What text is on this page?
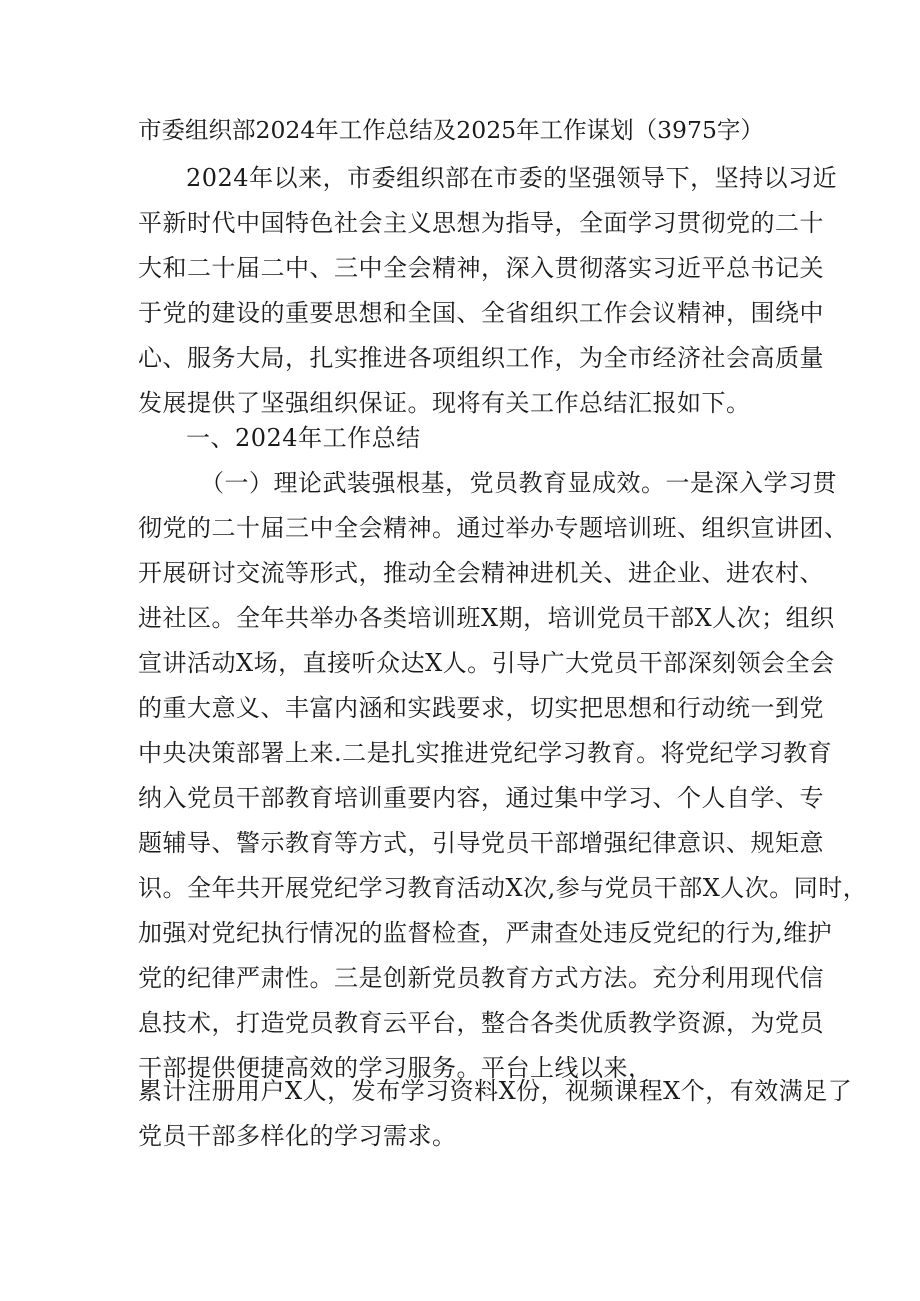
市委组织部2024年工作总结及2025年工作谋划（3975字）
2024年以来，市委组织部在市委的坚强领导下，坚持以习近
平新时代中国特色社会主义思想为指导，全面学习贯彻党的二十
大和二十届二中、三中全会精神，深入贯彻落实习近平总书记关
于党的建设的重要思想和全国、全省组织工作会议精神，围绕中
心、服务大局，扎实推进各项组织工作，为全市经济社会高质量
发展提供了坚强组织保证。现将有关工作总结汇报如下。
一、2024年工作总结
（一）理论武装强根基，党员教育显成效。一是深入学习贯
彻党的二十届三中全会精神。通过举办专题培训班、组织宣讲团、
开展研讨交流等形式，推动全会精神进机关、进企业、进农村、
进社区。全年共举办各类培训班X期，培训党员干部X人次；组织
宣讲活动X场，直接听众达X人。引导广大党员干部深刻领会全会
的重大意义、丰富内涵和实践要求，切实把思想和行动统一到党
中央决策部署上来.二是扎实推进党纪学习教育。将党纪学习教育
纳入党员干部教育培训重要内容，通过集中学习、个人自学、专
题辅导、警示教育等方式，引导党员干部增强纪律意识、规矩意
识。全年共开展党纪学习教育活动X次,参与党员干部X人次。同时，
加强对党纪执行情况的监督检查，严肃查处违反党纪的行为,维护
党的纪律严肃性。三是创新党员教育方式方法。充分利用现代信
息技术，打造党员教育云平台，整合各类优质教学资源，为党员
干部提供便捷高效的学习服务。平台上线以来，
累计注册用户X人，发布学习资料X份，视频课程X个，有效满足了
党员干部多样化的学习需求。
